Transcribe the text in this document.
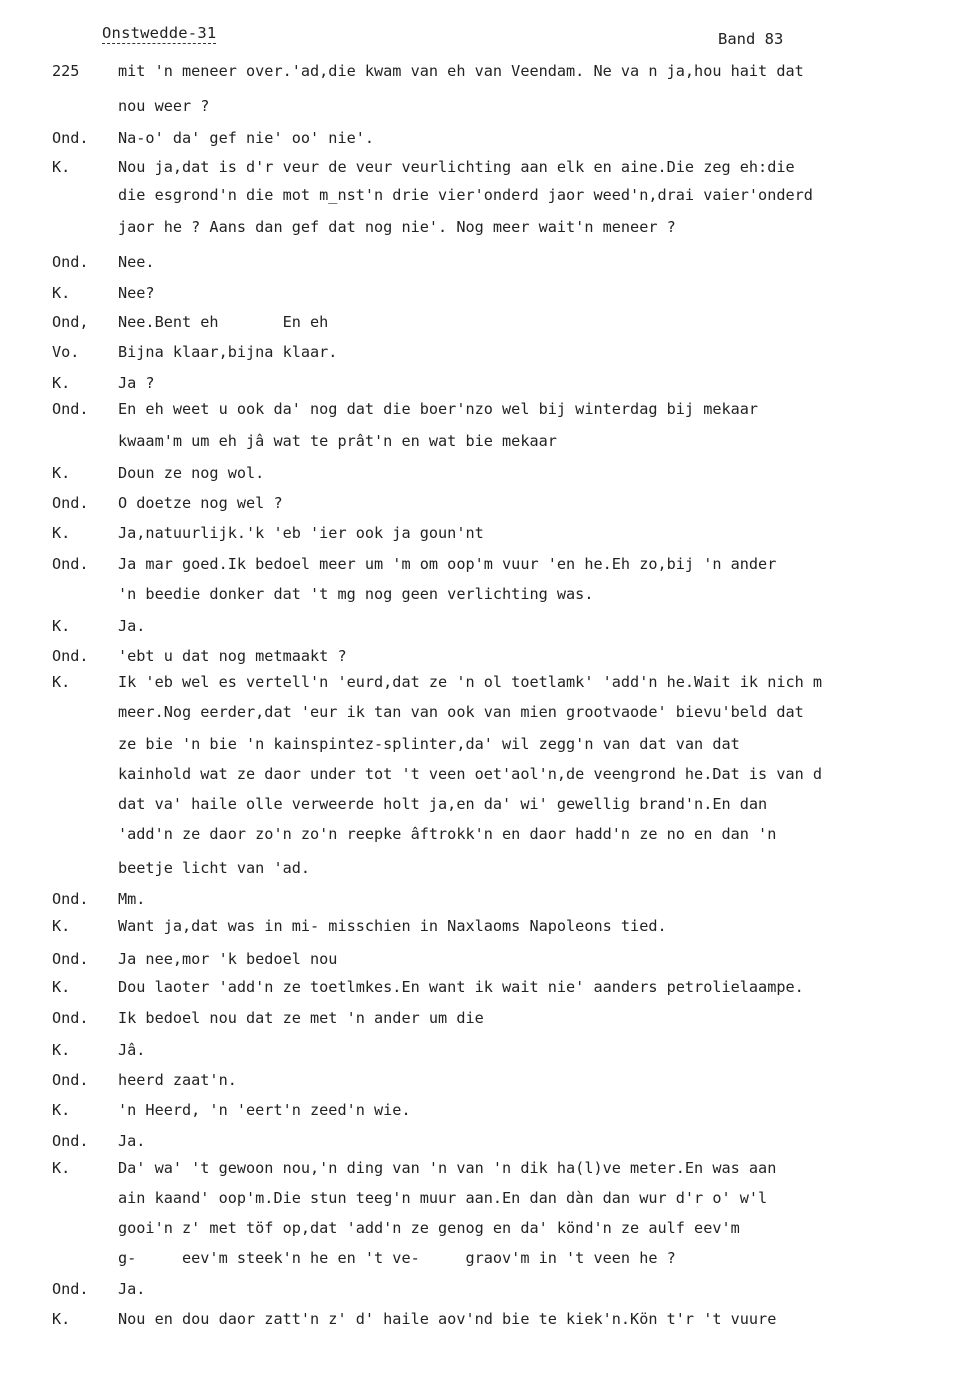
Onstwedde-31	Band 83
225	mit 'n meneer over.'ad,die kwam van eh van Veendam. Ne va n ja,hou hait dat
nou weer ?
Ond. Na-o' da' gef nie' oo' nie'.
K.	Nou ja,dat is d'r veur de veur veurlichting aan elk en aine.Die zeg eh:die
die esgrond'n die mot m_nst'n drie vier'onderd jaor weed'n,drai vaier'onderd
jaor he ? Aans dan gef dat nog nie'. Nog meer wait'n meneer ?
Ond. Nee.
K.	Nee?
Ond, Nee.Bent eh       En eh
Vo.	Bijna klaar,bijna klaar.
K.	Ja ?
Ond. En eh weet u ook da' nog dat die boer'nzo wel bij winterdag bij mekaar
kwaam'm um eh jâ wat te prât'n en wat bie mekaar
K.	Doun ze nog wol.
Ond. O doetze nog wel ?
K.	Ja,natuurlijk.'k 'eb 'ier ook ja goun'nt
Ond. Ja mar goed.Ik bedoel meer um 'm om oop'm vuur 'en he.Eh zo,bij 'n ander
'n beedie donker dat 't mg nog geen verlichting was.
K.	Ja.
Ond. 'ebt u dat nog metmaakt ?
K.	Ik 'eb wel es vertell'n 'eurd,dat ze 'n ol toetlamk' 'add'n he.Wait ik nich m
meer.Nog eerder,dat 'eur ik tan van ook van mien grootvaode' bievu'beld dat
ze bie 'n bie 'n kainspintez-splinter,da' wil zegg'n van dat van dat
kainhold wat ze daor under tot 't veen oet'aol'n,de veengrond he.Dat is van d
dat va' haile olle verweerde holt ja,en da' wi' gewellig brand'n.En dan
'add'n ze daor zo'n zo'n reepke âftrokk'n en daor hadd'n ze no en dan 'n
beetje licht van 'ad.
Ond. Mm.
K.	Want ja,dat was in mi- misschien in Naxlaoms Napoleons tied.
Ond. Ja nee,mor 'k bedoel nou
K.	Dou laoter 'add'n ze toetlmkes.En want ik wait nie' aanders petrolielaampe.
Ond. Ik bedoel nou dat ze met 'n ander um die
K.	Jâ.
Ond. heerd zaat'n.
K.	'n Heerd, 'n 'eert'n zeed'n wie.
Ond. Ja.
K.	Da' wa' 't gewoon nou,'n ding van 'n van 'n dik ha(l)ve meter.En was aan
ain kaand' oop'm.Die stun teeg'n muur aan.En dan dàn dan wur d'r o' w'l
gooi'n z' met töf op,dat 'add'n ze genog en da' könd'n ze aulf eev'm
g-     eev'm steek'n he en 't ve-     graov'm in 't veen he ?
Ond. Ja.
K.	Nou en dou daor zatt'n z' d' haile aov'nd bie te kiek'n.Kön t'r 't vuure
